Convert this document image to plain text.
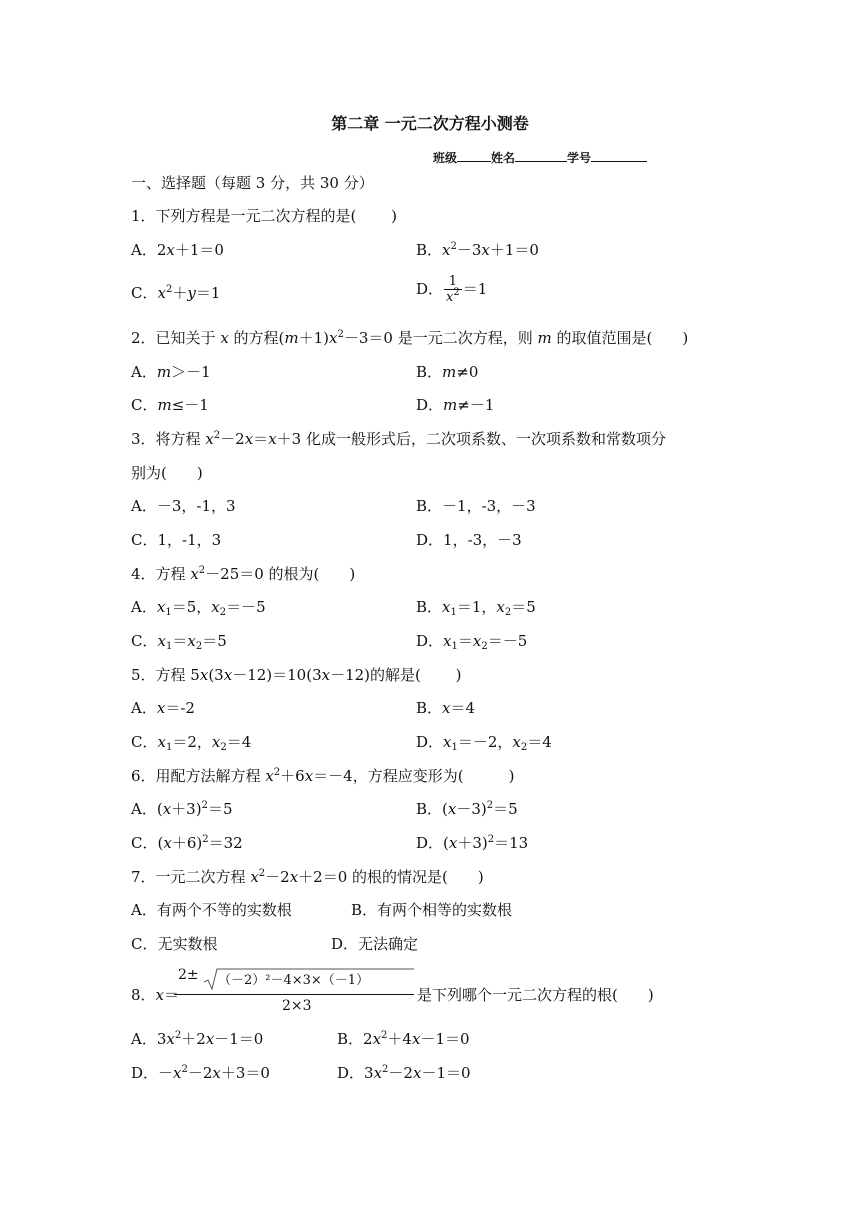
第二章 一元二次方程小测卷
班级	姓名	学号
一、选择题（每题 3 分，共 30 分）
1．下列方程是一元二次方程的是(　　 )
A．2x＋1＝0	B．$x^2-3x+1=0$
C．$x^2+y=1$	D． $\frac{1}{x^2} =1$
2．已知关于 x 的方程$(m+1)x^2-3=0$ 是一元二次方程，则 m 的取值范围是(　　)
A．m＞－1	B．m≠0
C．m≤－1	D．m≠－1
3．将方程 $x^2-2x=x+3$ 化成一般形式后，二次项系数、一次项系数和常数项分
别为(　　)
A．－3，-1，3	B．－1，-3，－3
C．1，-1，3	D．1，-3，－3
4．方程 $x^2-25=0$ 的根为(　　)
A．$x_1=5$，$x_2=-5$	B．$x_1=1$，$x_2=5$
C．$x_1=x_2=5$	D．$x_1=x_2=-5$
5．方程 5x(3x－12)＝10(3x－12)的解是(　　 )
A．x＝-2	B．x＝4
C．$x_1=2$，$x_2=4$	D．$x_1=-2$，$x_2=4$
6．用配方法解方程 $x^2+6x=-4$，方程应变形为(　　　)
A．$(x+3)^2=5$	B．$(x-3)^2=5$
C．$(x+6)^2=32$	D．$(x+3)^2=13$
7．一元二次方程 $x^2-2x+2=0$ 的根的情况是(　　)
A．有两个不等的实数根	B．有两个相等的实数根
C．无实数根	D．无法确定
8．x＝
2± （－2）²－4×3×（－1）
2×3
是下列哪个一元二次方程的根(　　)
A．$3x^2+2x-1=0$	B．$2x^2+4x-1=0$
D．$-x^2-2x+3=0$	D．$3x^2-2x-1=0$
